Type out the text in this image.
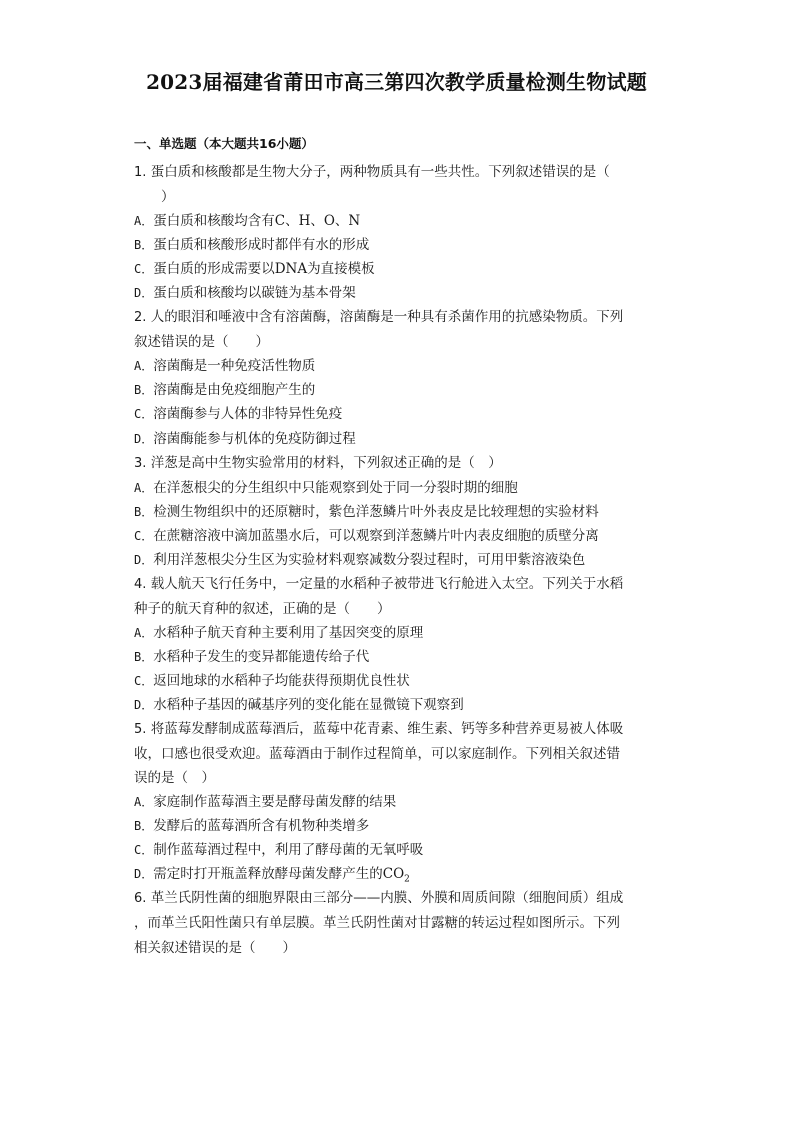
2023届福建省莆田市高三第四次教学质量检测生物试题
一、单选题（本大题共16小题）

1. 蛋白质和核酸都是生物大分子，两种物质具有一些共性。下列叙述错误的是（

  ）

A．蛋白质和核酸均含有C、H、O、N

B．蛋白质和核酸形成时都伴有水的形成

C．蛋白质的形成需要以DNA为直接模板

D．蛋白质和核酸均以碳链为基本骨架

2. 人的眼泪和唾液中含有溶菌酶，溶菌酶是一种具有杀菌作用的抗感染物质。下列

叙述错误的是（　　）

A．溶菌酶是一种免疫活性物质

B．溶菌酶是由免疫细胞产生的

C．溶菌酶参与人体的非特异性免疫

D．溶菌酶能参与机体的免疫防御过程

3. 洋葱是高中生物实验常用的材料，下列叙述正确的是（　）

A．在洋葱根尖的分生组织中只能观察到处于同一分裂时期的细胞

B．检测生物组织中的还原糖时，紫色洋葱鳞片叶外表皮是比较理想的实验材料

C．在蔗糖溶液中滴加蓝墨水后，可以观察到洋葱鳞片叶内表皮细胞的质壁分离

D．利用洋葱根尖分生区为实验材料观察减数分裂过程时，可用甲紫溶液染色

4. 载人航天飞行任务中，一定量的水稻种子被带进飞行舱进入太空。下列关于水稻

种子的航天育种的叙述，正确的是（　　）

A．水稻种子航天育种主要利用了基因突变的原理

B．水稻种子发生的变异都能遗传给子代

C．返回地球的水稻种子均能获得预期优良性状

D．水稻种子基因的碱基序列的变化能在显微镜下观察到

5. 将蓝莓发酵制成蓝莓酒后，蓝莓中花青素、维生素、钙等多种营养更易被人体吸

收，口感也很受欢迎。蓝莓酒由于制作过程简单，可以家庭制作。下列相关叙述错

误的是（　）

A．家庭制作蓝莓酒主要是酵母菌发酵的结果

B．发酵后的蓝莓酒所含有机物种类增多

C．制作蓝莓酒过程中，利用了酵母菌的无氧呼吸

D．需定时打开瓶盖释放酵母菌发酵产生的$CO_2$

6. 革兰氏阴性菌的细胞界限由三部分——内膜、外膜和周质间隙（细胞间质）组成

，而革兰氏阳性菌只有单层膜。革兰氏阴性菌对甘露糖的转运过程如图所示。下列

相关叙述错误的是（　　）
